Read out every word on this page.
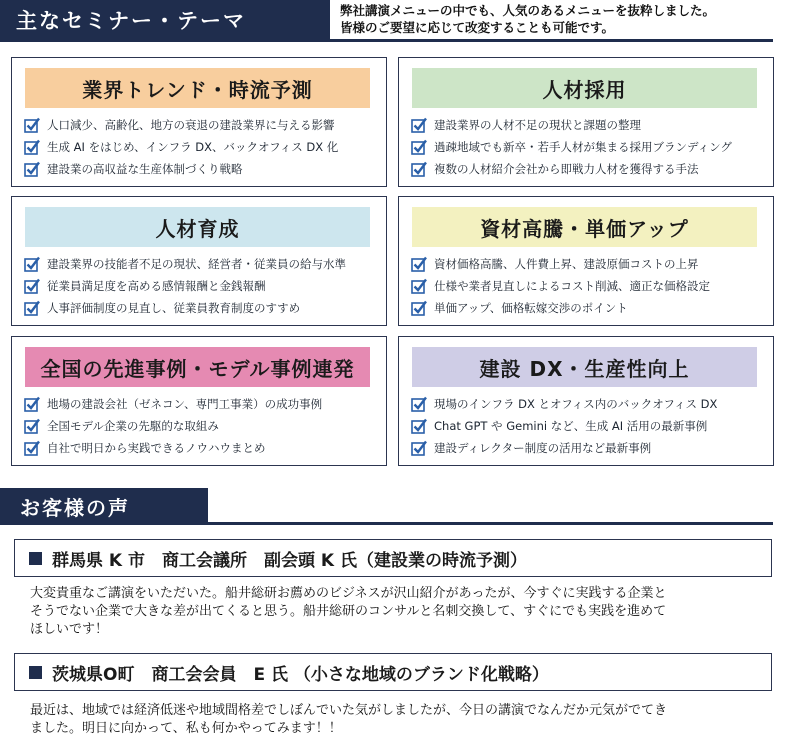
主なセミナー・テーマ	弊社講演メニューの中でも、人気のあるメニューを抜粋しました。
皆様のご要望に応じて改変することも可能です。
業界トレンド・時流予測
人口減少、高齢化、地方の衰退の建設業界に与える影響
生成 AI をはじめ、インフラ DX、バックオフィス DX 化
建設業の高収益な生産体制づくり戦略
人材採用
建設業界の人材不足の現状と課題の整理
過疎地域でも新卒・若手人材が集まる採用ブランディング
複数の人材紹介会社から即戦力人材を獲得する手法
人材育成
建設業界の技能者不足の現状、経営者・従業員の給与水準
従業員満足度を高める感情報酬と金銭報酬
人事評価制度の見直し、従業員教育制度のすすめ
資材高騰・単価アップ
資材価格高騰、人件費上昇、建設原価コストの上昇
仕様や業者見直しによるコスト削減、適正な価格設定
単価アップ、価格転嫁交渉のポイント
全国の先進事例・モデル事例連発
地場の建設会社（ゼネコン、専門工事業）の成功事例
全国モデル企業の先駆的な取組み
自社で明日から実践できるノウハウまとめ
建設 DX・生産性向上
現場のインフラ DX とオフィス内のバックオフィス DX
Chat GPT や Gemini など、生成 AI 活用の最新事例
建設ディレクター制度の活用など最新事例
お客様の声
群馬県 K 市　商工会議所　副会頭 K 氏（建設業の時流予測）
大変貴重なご講演をいただいた。船井総研お薦めのビジネスが沢山紹介があったが、今すぐに実践する企業と
そうでない企業で大きな差が出てくると思う。船井総研のコンサルと名刺交換して、すぐにでも実践を進めて
ほしいです！
茨城県O町　商工会会員　E 氏 （小さな地域のブランド化戦略）
最近は、地域では経済低迷や地域間格差でしぼんでいた気がしましたが、今日の講演でなんだか元気がでてき
ました。明日に向かって、私も何かやってみます！！
